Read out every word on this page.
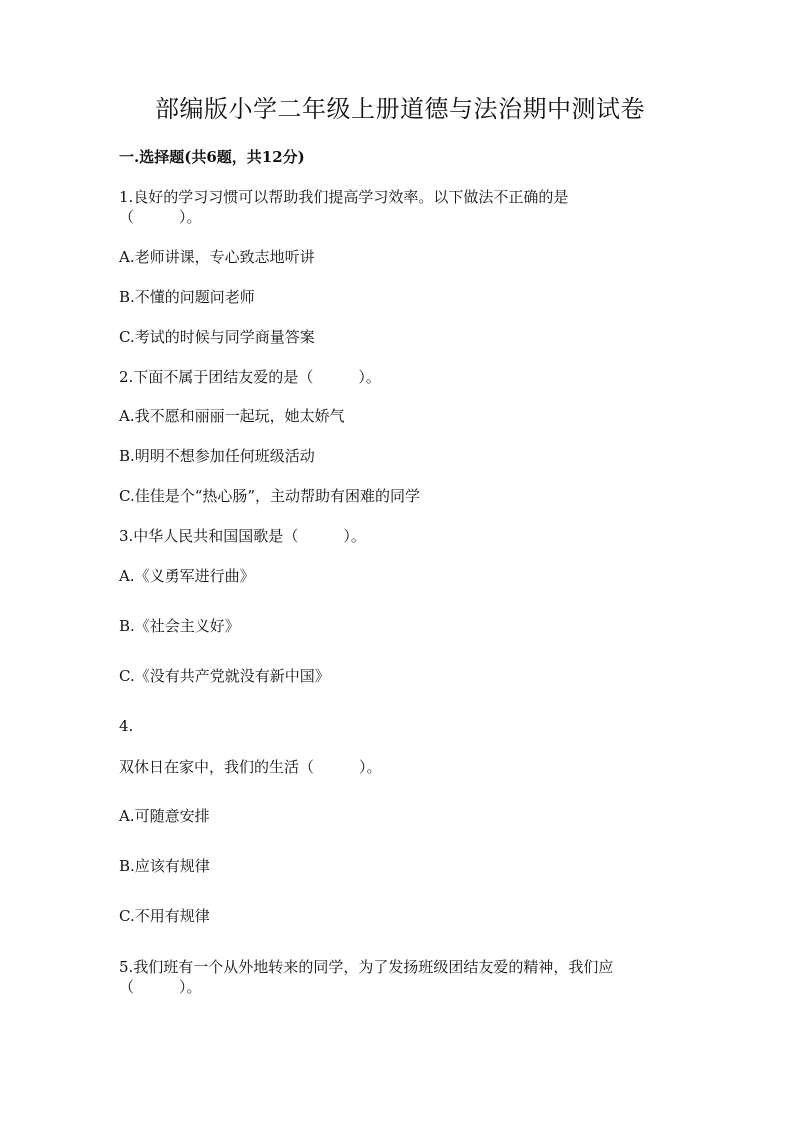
部编版小学二年级上册道德与法治期中测试卷
一.选择题(共6题，共12分)

1.良好的学习习惯可以帮助我们提高学习效率。以下做法不正确的是

（　　　）。

A.老师讲课，专心致志地听讲

B.不懂的问题问老师

C.考试的时候与同学商量答案

2.下面不属于团结友爱的是（　　　）。

A.我不愿和丽丽一起玩，她太娇气

B.明明不想参加任何班级活动

C.佳佳是个“热心肠”，主动帮助有困难的同学

3.中华人民共和国国歌是（　　　）。

A.《义勇军进行曲》

B.《社会主义好》

C.《没有共产党就没有新中国》

4.

双休日在家中，我们的生活（　　　）。

A.可随意安排

B.应该有规律

C.不用有规律

5.我们班有一个从外地转来的同学，为了发扬班级团结友爱的精神，我们应

（　　　）。
